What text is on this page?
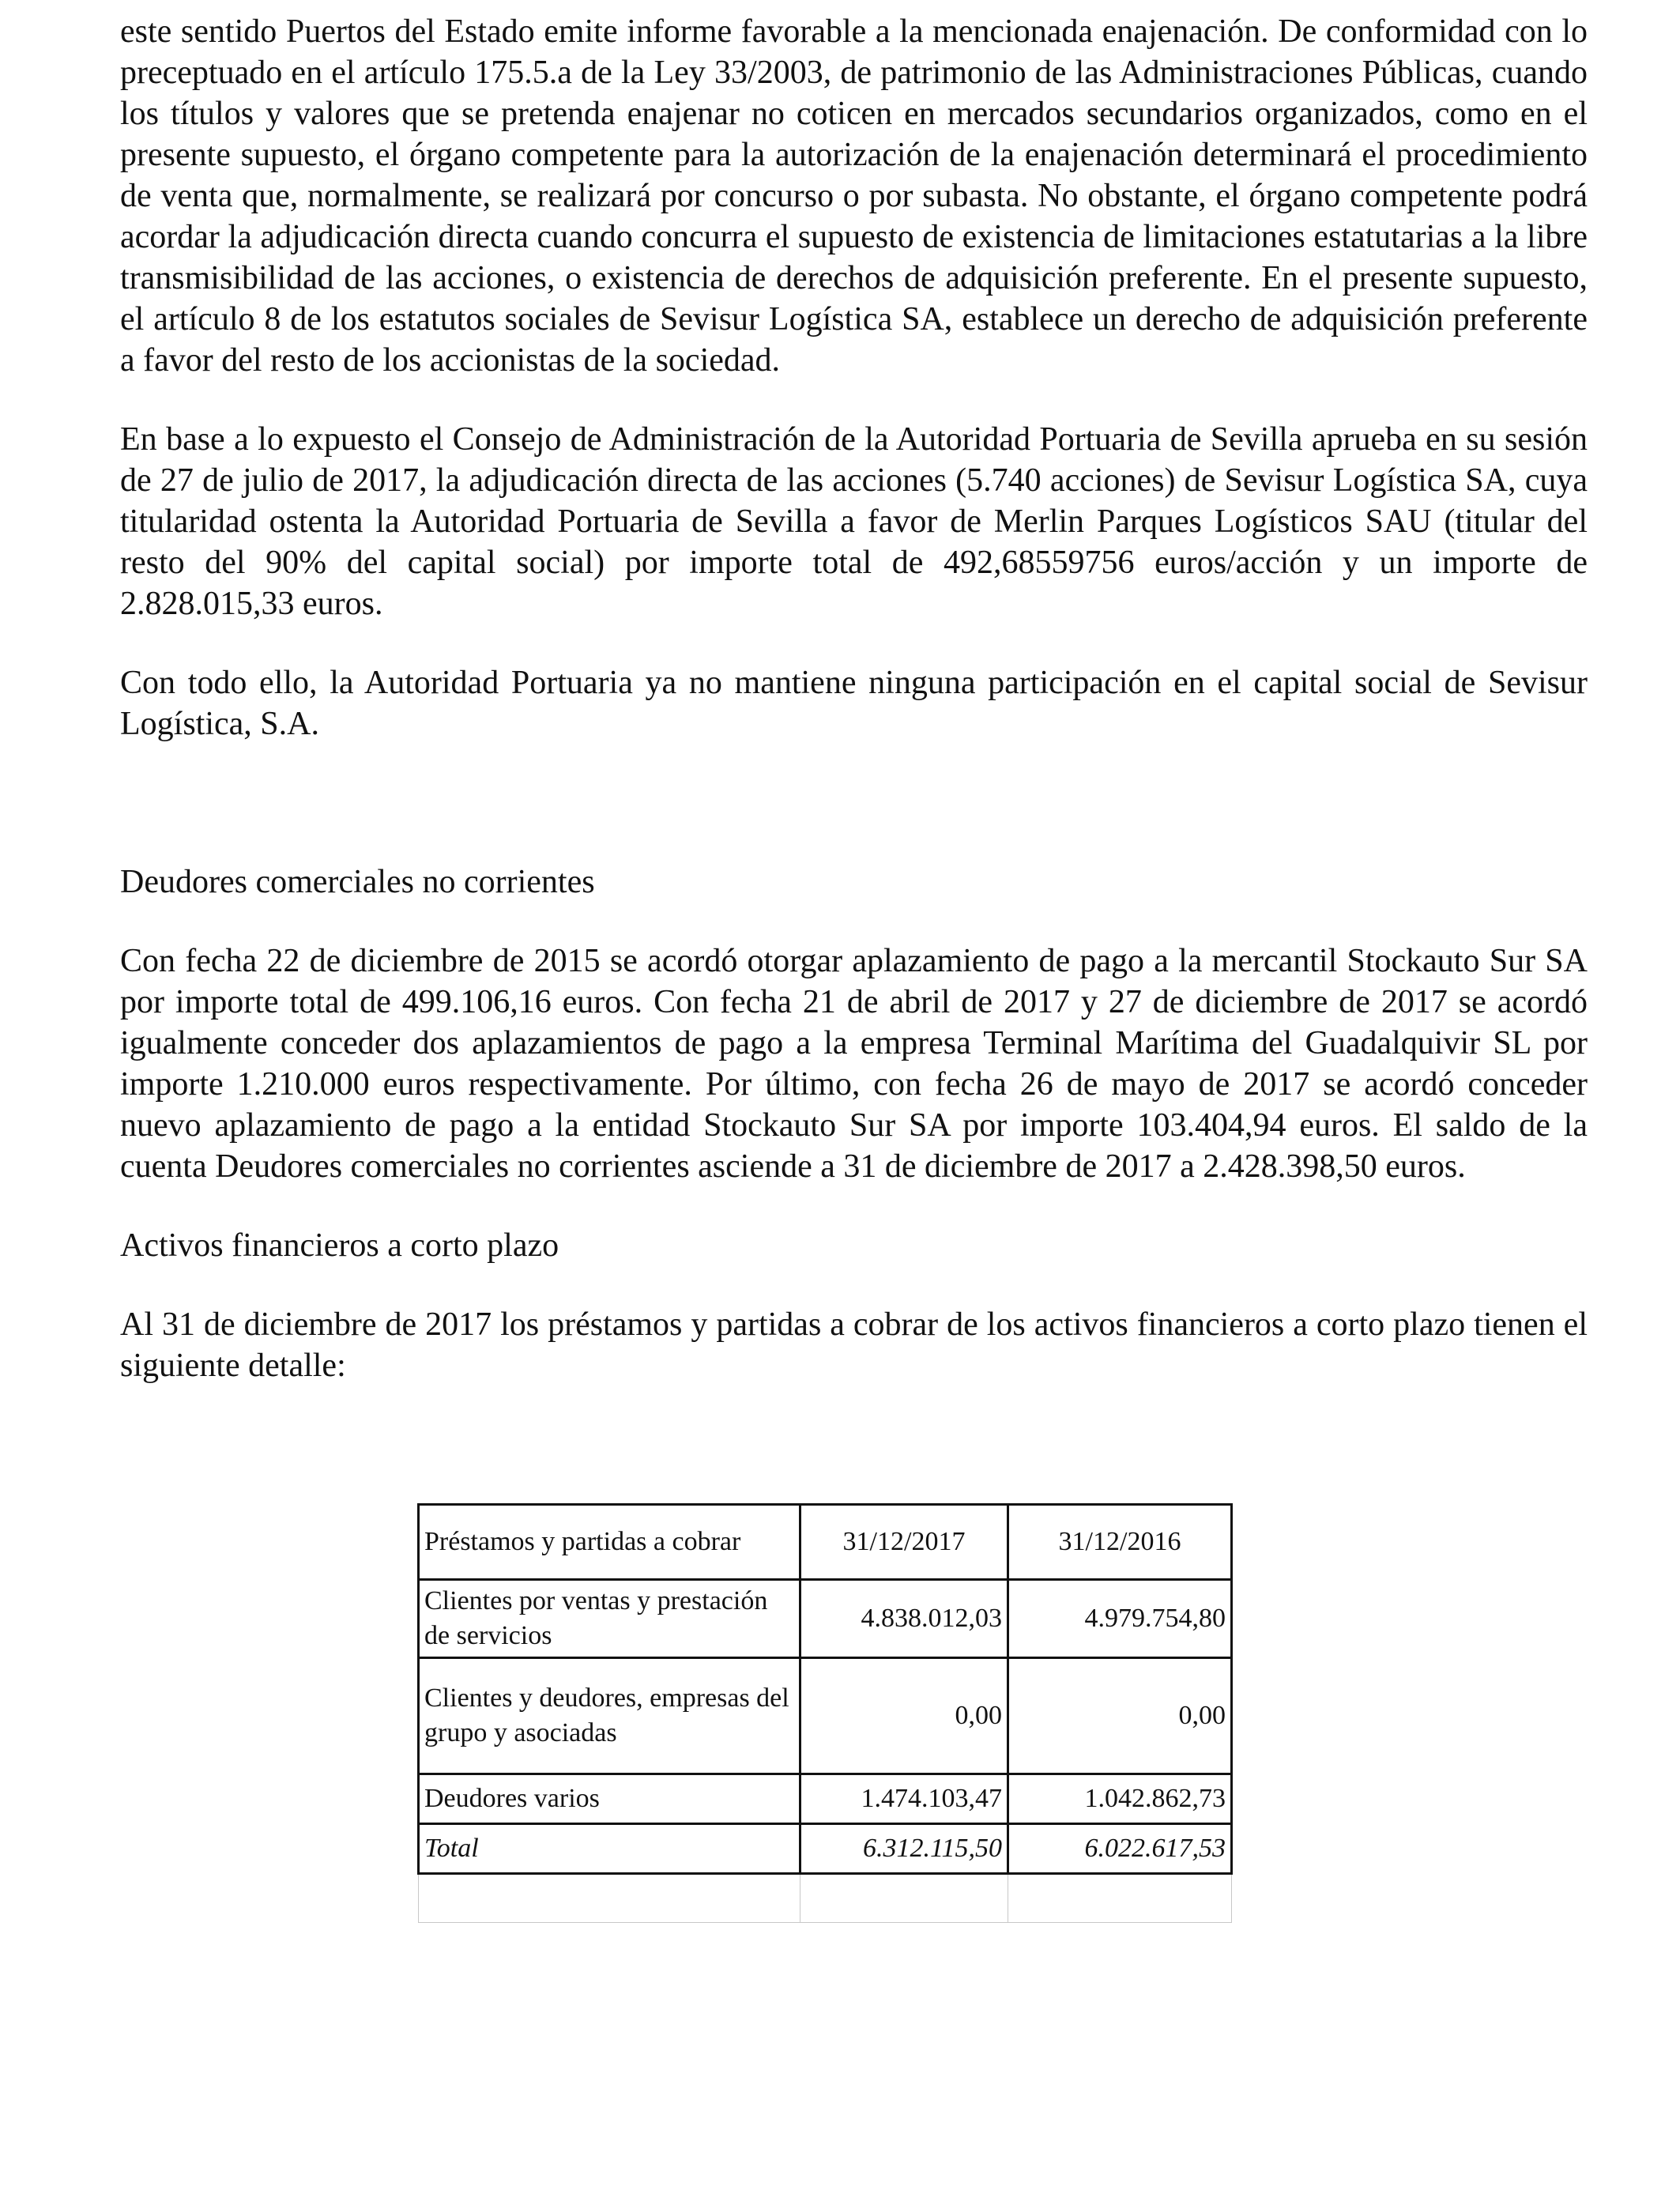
este sentido Puertos del Estado emite informe favorable a la mencionada enajenación. De conformidad con lo preceptuado en el artículo 175.5.a de la Ley 33/2003, de patrimonio de las Administraciones Públicas, cuando los títulos y valores que se pretenda enajenar no coticen en mercados secundarios organizados, como en el presente supuesto, el órgano competente para la autorización de la enajenación determinará el procedimiento de venta que, normalmente, se realizará por concurso o por subasta. No obstante, el órgano competente podrá acordar la adjudicación directa cuando concurra el supuesto de existencia de limitaciones estatutarias a la libre transmisibilidad de las acciones, o existencia de derechos de adquisición preferente. En el presente supuesto, el artículo 8 de los estatutos sociales de Sevisur Logística SA, establece un derecho de adquisición preferente a favor del resto de los accionistas de la sociedad.

En base a lo expuesto el Consejo de Administración de la Autoridad Portuaria de Sevilla aprueba en su sesión de 27 de julio de 2017, la adjudicación directa de las acciones (5.740 acciones) de Sevisur Logística SA, cuya titularidad ostenta la Autoridad Portuaria de Sevilla a favor de Merlin Parques Logísticos SAU (titular del resto del 90% del capital social) por importe total de 492,68559756 euros/acción y un importe de 2.828.015,33 euros.

Con todo ello, la Autoridad Portuaria ya no mantiene ninguna participación en el capital social de Sevisur Logística, S.A.

Deudores comerciales no corrientes

Con fecha 22 de diciembre de 2015 se acordó otorgar aplazamiento de pago a la mercantil Stockauto Sur SA por importe total de 499.106,16 euros. Con fecha 21 de abril de 2017 y 27 de diciembre de 2017 se acordó igualmente conceder dos aplazamientos de pago a la empresa Terminal Marítima del Guadalquivir SL por importe 1.210.000 euros respectivamente. Por último, con fecha 26 de mayo de 2017 se acordó conceder nuevo aplazamiento de pago a la entidad Stockauto Sur SA por importe 103.404,94 euros. El saldo de la cuenta Deudores comerciales no corrientes asciende a 31 de diciembre de 2017 a 2.428.398,50 euros.

Activos financieros a corto plazo

Al 31 de diciembre de 2017 los préstamos y partidas a cobrar de los activos financieros a corto plazo tienen el siguiente detalle:

Préstamos y partidas a cobrar	31/12/2017	31/12/2016
Clientes por ventas y prestación de servicios	4.838.012,03	4.979.754,80
Clientes y deudores, empresas del grupo y asociadas	0,00	0,00
Deudores varios	1.474.103,47	1.042.862,73
Total	6.312.115,50	6.022.617,53
